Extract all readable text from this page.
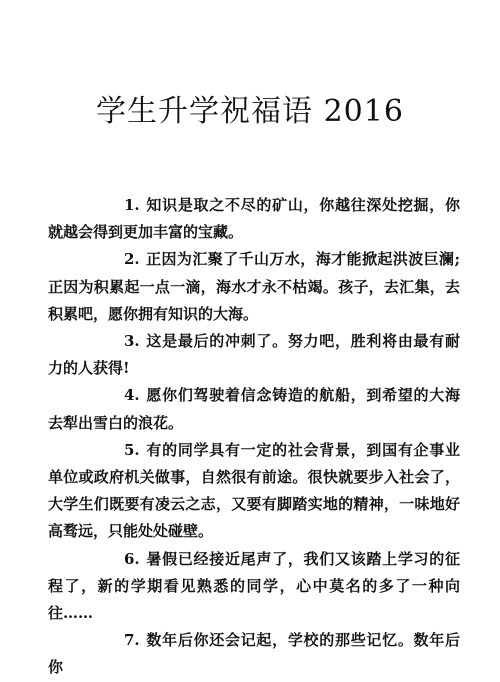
学生升学祝福语 2016

1. 知识是取之不尽的矿山，你越往深处挖掘，你就越会得到更加丰富的宝藏。

2. 正因为汇聚了千山万水，海才能掀起洪波巨澜;正因为积累起一点一滴，海水才永不枯竭。孩子，去汇集，去积累吧，愿你拥有知识的大海。

3. 这是最后的冲刺了。努力吧，胜利将由最有耐力的人获得!

4. 愿你们驾驶着信念铸造的航船，到希望的大海去犁出雪白的浪花。

5. 有的同学具有一定的社会背景，到国有企事业单位或政府机关做事，自然很有前途。很快就要步入社会了，大学生们既要有凌云之志，又要有脚踏实地的精神，一味地好高骛远，只能处处碰壁。

6. 暑假已经接近尾声了，我们又该踏上学习的征程了，新的学期看见熟悉的同学，心中莫名的多了一种向往……

7. 数年后你还会记起，学校的那些记忆。数年后你
